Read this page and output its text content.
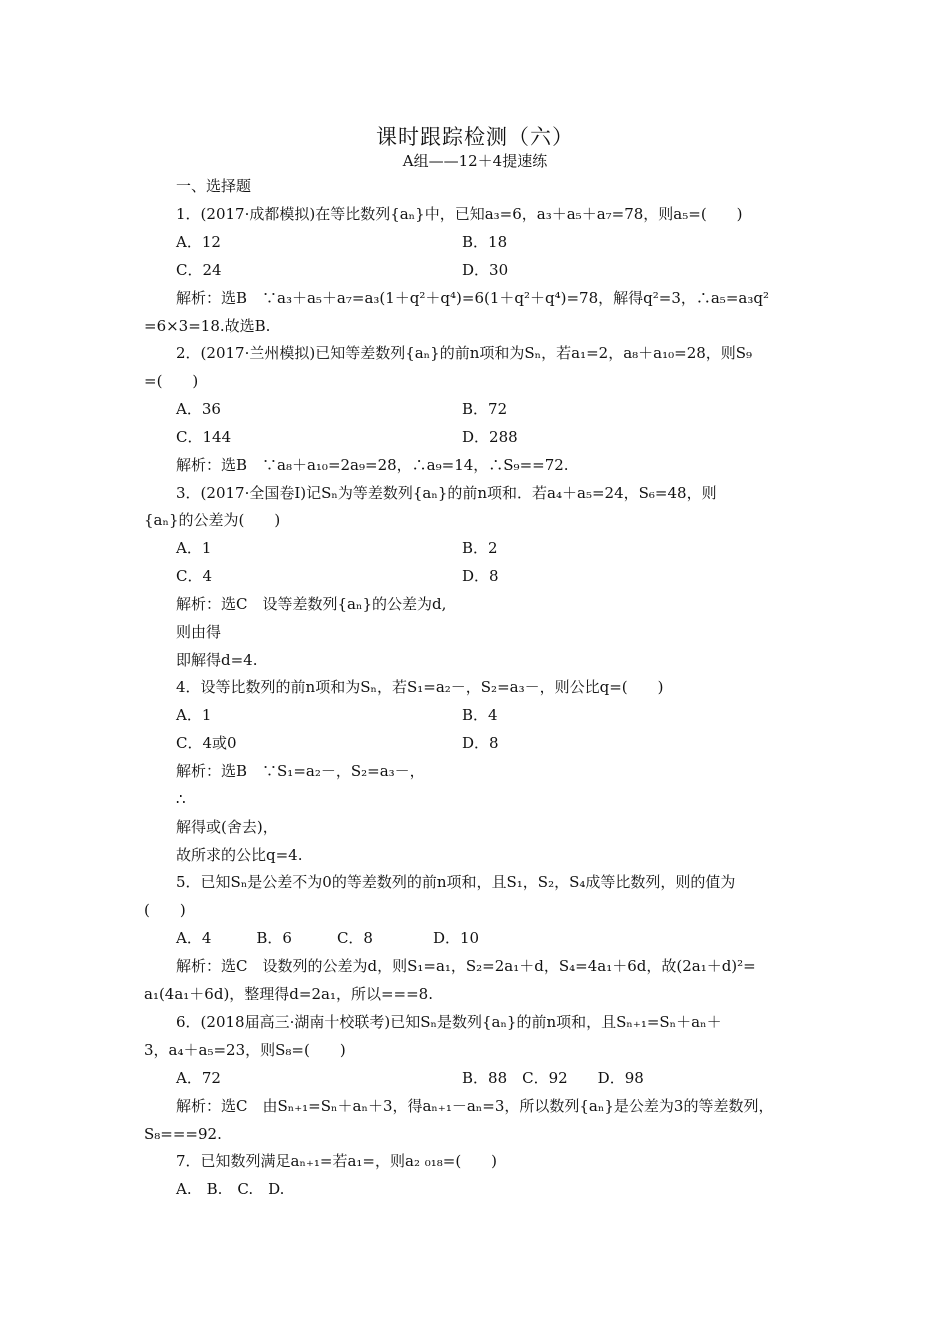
课时跟踪检测（六）
A组——12＋4提速练
一、选择题
1．(2017·成都模拟)在等比数列{aₙ}中，已知a₃=6，a₃＋a₅＋a₇=78，则a₅=(　　)
A．12	B．18
C．24	D．30
解析：选B　∵a₃＋a₅＋a₇=a₃(1＋q²＋q⁴)=6(1＋q²＋q⁴)=78，解得q²=3，∴a₅=a₃q²
=6×3=18.故选B.
2．(2017·兰州模拟)已知等差数列{aₙ}的前n项和为Sₙ，若a₁=2，a₈＋a₁₀=28，则S₉
=(　　)
A．36	B．72
C．144	D．288
解析：选B　∵a₈＋a₁₀=2a₉=28，∴a₉=14，∴S₉==72.
3．(2017·全国卷Ⅰ)记Sₙ为等差数列{aₙ}的前n项和．若a₄＋a₅=24，S₆=48，则
{aₙ}的公差为(　　)
A．1	B．2
C．4	D．8
解析：选C　设等差数列{aₙ}的公差为d,
则由得
即解得d=4.
4．设等比数列的前n项和为Sₙ，若S₁=a₂－，S₂=a₃－，则公比q=(　　)
A．1	B．4
C．4或0	D．8
解析：选B　∵S₁=a₂－，S₂=a₃－，
∴
解得或(舍去)，
故所求的公比q=4.
5．已知Sₙ是公差不为0的等差数列的前n项和，且S₁，S₂，S₄成等比数列，则的值为
(　　)
A．4　　　B．6　　　C．8　　　　D．10
解析：选C　设数列的公差为d，则S₁=a₁，S₂=2a₁＋d，S₄=4a₁＋6d，故(2a₁＋d)²=
a₁(4a₁＋6d)，整理得d=2a₁，所以===8.
6．(2018届高三·湖南十校联考)已知Sₙ是数列{aₙ}的前n项和，且Sₙ₊₁=Sₙ＋aₙ＋
3，a₄＋a₅=23，则S₈=(　　)
A．72	B．88　C．92　　D．98
解析：选C　由Sₙ₊₁=Sₙ＋aₙ＋3，得aₙ₊₁－aₙ=3，所以数列{aₙ}是公差为3的等差数列，
S₈===92.
7．已知数列满足aₙ₊₁=若a₁=，则a₂ ₀₁₈=(　　)
A.　B.　C.　D.
